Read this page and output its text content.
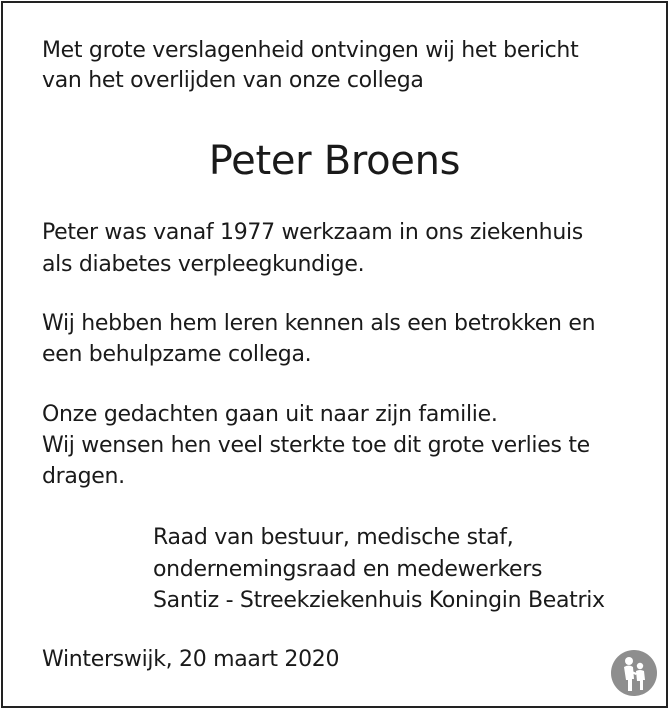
Met grote verslagenheid ontvingen wij het bericht
van het overlijden van onze collega
Peter Broens
Peter was vanaf 1977 werkzaam in ons ziekenhuis
als diabetes verpleegkundige.
Wij hebben hem leren kennen als een betrokken en
een behulpzame collega.
Onze gedachten gaan uit naar zijn familie.
Wij wensen hen veel sterkte toe dit grote verlies te
dragen.
Raad van bestuur, medische staf,
ondernemingsraad en medewerkers
Santiz - Streekziekenhuis Koningin Beatrix
Winterswijk, 20 maart 2020
